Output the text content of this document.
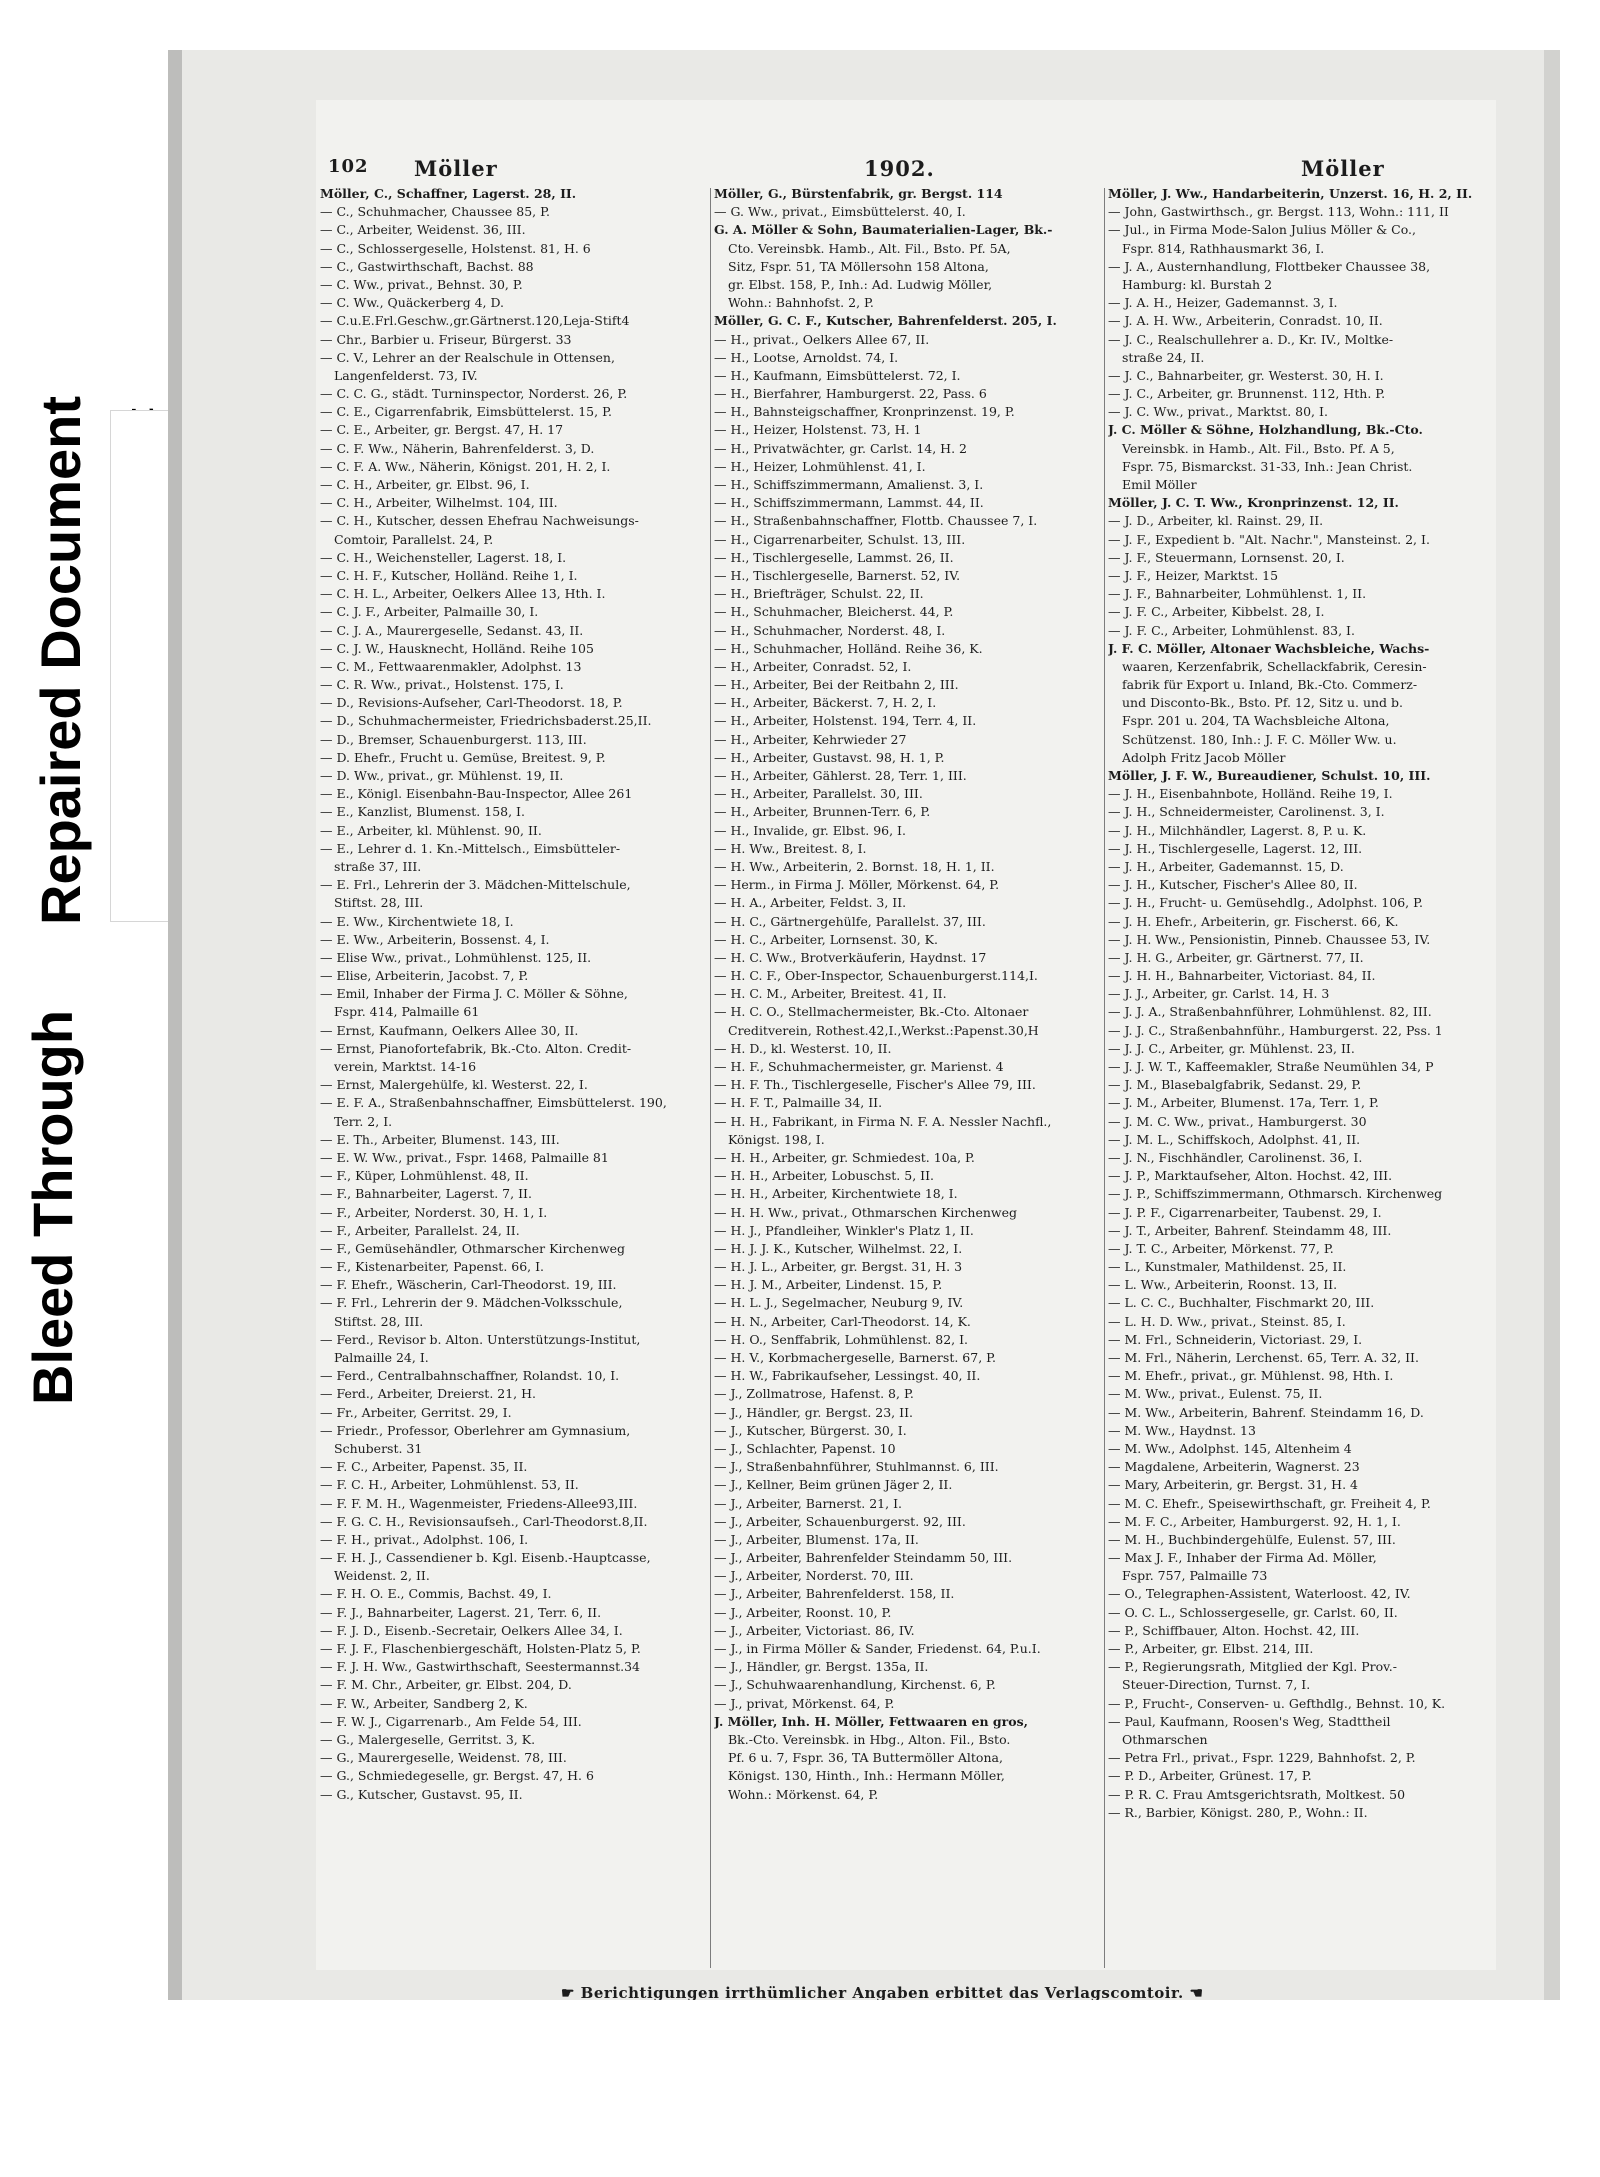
Bleed Through
Repaired Document
102 Möller	1902.	Möller
Möller, C., Schaffner, Lagerst. 28, II.
— C., Schuhmacher, Chaussee 85, P.
— C., Arbeiter, Weidenst. 36, III.
— C., Schlossergeselle, Holstenst. 81, H. 6
— C., Gastwirthschaft, Bachst. 88
— C. Ww., privat., Behnst. 30, P.
— C. Ww., Quäckerberg 4, D.
— C.u.E.Frl.Geschw.,gr.Gärtnerst.120,Leja-Stift4
— Chr., Barbier u. Friseur, Bürgerst. 33
— C. V., Lehrer an der Realschule in Ottensen,
Langenfelderst. 73, IV.
— C. C. G., städt. Turninspector, Norderst. 26, P.
— C. E., Cigarrenfabrik, Eimsbüttelerst. 15, P.
— C. E., Arbeiter, gr. Bergst. 47, H. 17
— C. F. Ww., Näherin, Bahrenfelderst. 3, D.
— C. F. A. Ww., Näherin, Königst. 201, H. 2, I.
— C. H., Arbeiter, gr. Elbst. 96, I.
— C. H., Arbeiter, Wilhelmst. 104, III.
— C. H., Kutscher, dessen Ehefrau Nachweisungs-
Comtoir, Parallelst. 24, P.
— C. H., Weichensteller, Lagerst. 18, I.
— C. H. F., Kutscher, Holländ. Reihe 1, I.
— C. H. L., Arbeiter, Oelkers Allee 13, Hth. I.
— C. J. F., Arbeiter, Palmaille 30, I.
— C. J. A., Maurergeselle, Sedanst. 43, II.
— C. J. W., Hausknecht, Holländ. Reihe 105
— C. M., Fettwaarenmakler, Adolphst. 13
— C. R. Ww., privat., Holstenst. 175, I.
— D., Revisions-Aufseher, Carl-Theodorst. 18, P.
— D., Schuhmachermeister, Friedrichsbaderst.25,II.
— D., Bremser, Schauenburgerst. 113, III.
— D. Ehefr., Frucht u. Gemüse, Breitest. 9, P.
— D. Ww., privat., gr. Mühlenst. 19, II.
— E., Königl. Eisenbahn-Bau-Inspector, Allee 261
— E., Kanzlist, Blumenst. 158, I.
— E., Arbeiter, kl. Mühlenst. 90, II.
— E., Lehrer d. 1. Kn.-Mittelsch., Eimsbütteler-
straße 37, III.
— E. Frl., Lehrerin der 3. Mädchen-Mittelschule,
Stiftst. 28, III.
— E. Ww., Kirchentwiete 18, I.
— E. Ww., Arbeiterin, Bossenst. 4, I.
— Elise Ww., privat., Lohmühlenst. 125, II.
— Elise, Arbeiterin, Jacobst. 7, P.
— Emil, Inhaber der Firma J. C. Möller & Söhne,
Fspr. 414, Palmaille 61
— Ernst, Kaufmann, Oelkers Allee 30, II.
— Ernst, Pianofortefabrik, Bk.-Cto. Alton. Credit-
verein, Marktst. 14-16
— Ernst, Malergehülfe, kl. Westerst. 22, I.
— E. F. A., Straßenbahnschaffner, Eimsbüttelerst. 190,
Terr. 2, I.
— E. Th., Arbeiter, Blumenst. 143, III.
— E. W. Ww., privat., Fspr. 1468, Palmaille 81
— F., Küper, Lohmühlenst. 48, II.
— F., Bahnarbeiter, Lagerst. 7, II.
— F., Arbeiter, Norderst. 30, H. 1, I.
— F., Arbeiter, Parallelst. 24, II.
— F., Gemüsehändler, Othmarscher Kirchenweg
— F., Kistenarbeiter, Papenst. 66, I.
— F. Ehefr., Wäscherin, Carl-Theodorst. 19, III.
— F. Frl., Lehrerin der 9. Mädchen-Volksschule,
Stiftst. 28, III.
— Ferd., Revisor b. Alton. Unterstützungs-Institut,
Palmaille 24, I.
— Ferd., Centralbahnschaffner, Rolandst. 10, I.
— Ferd., Arbeiter, Dreierst. 21, H.
— Fr., Arbeiter, Gerritst. 29, I.
— Friedr., Professor, Oberlehrer am Gymnasium,
Schuberst. 31
— F. C., Arbeiter, Papenst. 35, II.
— F. C. H., Arbeiter, Lohmühlenst. 53, II.
— F. F. M. H., Wagenmeister, Friedens-Allee93,III.
— F. G. C. H., Revisionsaufseh., Carl-Theodorst.8,II.
— F. H., privat., Adolphst. 106, I.
— F. H. J., Cassendiener b. Kgl. Eisenb.-Hauptcasse,
Weidenst. 2, II.
— F. H. O. E., Commis, Bachst. 49, I.
— F. J., Bahnarbeiter, Lagerst. 21, Terr. 6, II.
— F. J. D., Eisenb.-Secretair, Oelkers Allee 34, I.
— F. J. F., Flaschenbiergeschäft, Holsten-Platz 5, P.
— F. J. H. Ww., Gastwirthschaft, Seestermannst.34
— F. M. Chr., Arbeiter, gr. Elbst. 204, D.
— F. W., Arbeiter, Sandberg 2, K.
— F. W. J., Cigarrenarb., Am Felde 54, III.
— G., Malergeselle, Gerritst. 3, K.
— G., Maurergeselle, Weidenst. 78, III.
— G., Schmiedegeselle, gr. Bergst. 47, H. 6
— G., Kutscher, Gustavst. 95, II.
Möller, G., Bürstenfabrik, gr. Bergst. 114
— G. Ww., privat., Eimsbüttelerst. 40, I.
G. A. Möller & Sohn, Baumaterialien-Lager, Bk.-
Cto. Vereinsbk. Hamb., Alt. Fil., Bsto. Pf. 5A,
Sitz, Fspr. 51, TA Möllersohn 158 Altona,
gr. Elbst. 158, P., Inh.: Ad. Ludwig Möller,
Wohn.: Bahnhofst. 2, P.
Möller, G. C. F., Kutscher, Bahrenfelderst. 205, I.
— H., privat., Oelkers Allee 67, II.
— H., Lootse, Arnoldst. 74, I.
— H., Kaufmann, Eimsbüttelerst. 72, I.
— H., Bierfahrer, Hamburgerst. 22, Pass. 6
— H., Bahnsteigschaffner, Kronprinzenst. 19, P.
— H., Heizer, Holstenst. 73, H. 1
— H., Privatwächter, gr. Carlst. 14, H. 2
— H., Heizer, Lohmühlenst. 41, I.
— H., Schiffszimmermann, Amalienst. 3, I.
— H., Schiffszimmermann, Lammst. 44, II.
— H., Straßenbahnschaffner, Flottb. Chaussee 7, I.
— H., Cigarrenarbeiter, Schulst. 13, III.
— H., Tischlergeselle, Lammst. 26, II.
— H., Tischlergeselle, Barnerst. 52, IV.
— H., Briefträger, Schulst. 22, II.
— H., Schuhmacher, Bleicherst. 44, P.
— H., Schuhmacher, Norderst. 48, I.
— H., Schuhmacher, Holländ. Reihe 36, K.
— H., Arbeiter, Conradst. 52, I.
— H., Arbeiter, Bei der Reitbahn 2, III.
— H., Arbeiter, Bäckerst. 7, H. 2, I.
— H., Arbeiter, Holstenst. 194, Terr. 4, II.
— H., Arbeiter, Kehrwieder 27
— H., Arbeiter, Gustavst. 98, H. 1, P.
— H., Arbeiter, Gählerst. 28, Terr. 1, III.
— H., Arbeiter, Parallelst. 30, III.
— H., Arbeiter, Brunnen-Terr. 6, P.
— H., Invalide, gr. Elbst. 96, I.
— H. Ww., Breitest. 8, I.
— H. Ww., Arbeiterin, 2. Bornst. 18, H. 1, II.
— Herm., in Firma J. Möller, Mörkenst. 64, P.
— H. A., Arbeiter, Feldst. 3, II.
— H. C., Gärtnergehülfe, Parallelst. 37, III.
— H. C., Arbeiter, Lornsenst. 30, K.
— H. C. Ww., Brotverkäuferin, Haydnst. 17
— H. C. F., Ober-Inspector, Schauenburgerst.114,I.
— H. C. M., Arbeiter, Breitest. 41, II.
— H. C. O., Stellmachermeister, Bk.-Cto. Altonaer
Creditverein, Rothest.42,I.,Werkst.:Papenst.30,H
— H. D., kl. Westerst. 10, II.
— H. F., Schuhmachermeister, gr. Marienst. 4
— H. F. Th., Tischlergeselle, Fischer's Allee 79, III.
— H. F. T., Palmaille 34, II.
— H. H., Fabrikant, in Firma N. F. A. Nessler Nachfl.,
Königst. 198, I.
— H. H., Arbeiter, gr. Schmiedest. 10a, P.
— H. H., Arbeiter, Lobuschst. 5, II.
— H. H., Arbeiter, Kirchentwiete 18, I.
— H. H. Ww., privat., Othmarschen Kirchenweg
— H. J., Pfandleiher, Winkler's Platz 1, II.
— H. J. J. K., Kutscher, Wilhelmst. 22, I.
— H. J. L., Arbeiter, gr. Bergst. 31, H. 3
— H. J. M., Arbeiter, Lindenst. 15, P.
— H. L. J., Segelmacher, Neuburg 9, IV.
— H. N., Arbeiter, Carl-Theodorst. 14, K.
— H. O., Senffabrik, Lohmühlenst. 82, I.
— H. V., Korbmachergeselle, Barnerst. 67, P.
— H. W., Fabrikaufseher, Lessingst. 40, II.
— J., Zollmatrose, Hafenst. 8, P.
— J., Händler, gr. Bergst. 23, II.
— J., Kutscher, Bürgerst. 30, I.
— J., Schlachter, Papenst. 10
— J., Straßenbahnführer, Stuhlmannst. 6, III.
— J., Kellner, Beim grünen Jäger 2, II.
— J., Arbeiter, Barnerst. 21, I.
— J., Arbeiter, Schauenburgerst. 92, III.
— J., Arbeiter, Blumenst. 17a, II.
— J., Arbeiter, Bahrenfelder Steindamm 50, III.
— J., Arbeiter, Norderst. 70, III.
— J., Arbeiter, Bahrenfelderst. 158, II.
— J., Arbeiter, Roonst. 10, P.
— J., Arbeiter, Victoriast. 86, IV.
— J., in Firma Möller & Sander, Friedenst. 64, P.u.I.
— J., Händler, gr. Bergst. 135a, II.
— J., Schuhwaarenhandlung, Kirchenst. 6, P.
— J., privat, Mörkenst. 64, P.
J. Möller, Inh. H. Möller, Fettwaaren en gros,
Bk.-Cto. Vereinsbk. in Hbg., Alton. Fil., Bsto.
Pf. 6 u. 7, Fspr. 36, TA Buttermöller Altona,
Königst. 130, Hinth., Inh.: Hermann Möller,
Wohn.: Mörkenst. 64, P.
Möller, J. Ww., Handarbeiterin, Unzerst. 16, H. 2, II.
— John, Gastwirthsch., gr. Bergst. 113, Wohn.: 111, II
— Jul., in Firma Mode-Salon Julius Möller & Co.,
Fspr. 814, Rathhausmarkt 36, I.
— J. A., Austernhandlung, Flottbeker Chaussee 38,
Hamburg: kl. Burstah 2
— J. A. H., Heizer, Gademannst. 3, I.
— J. A. H. Ww., Arbeiterin, Conradst. 10, II.
— J. C., Realschullehrer a. D., Kr. IV., Moltke-
straße 24, II.
— J. C., Bahnarbeiter, gr. Westerst. 30, H. I.
— J. C., Arbeiter, gr. Brunnenst. 112, Hth. P.
— J. C. Ww., privat., Marktst. 80, I.
J. C. Möller & Söhne, Holzhandlung, Bk.-Cto.
Vereinsbk. in Hamb., Alt. Fil., Bsto. Pf. A 5,
Fspr. 75, Bismarckst. 31-33, Inh.: Jean Christ.
Emil Möller
Möller, J. C. T. Ww., Kronprinzenst. 12, II.
— J. D., Arbeiter, kl. Rainst. 29, II.
— J. F., Expedient b. "Alt. Nachr.", Mansteinst. 2, I.
— J. F., Steuermann, Lornsenst. 20, I.
— J. F., Heizer, Marktst. 15
— J. F., Bahnarbeiter, Lohmühlenst. 1, II.
— J. F. C., Arbeiter, Kibbelst. 28, I.
— J. F. C., Arbeiter, Lohmühlenst. 83, I.
J. F. C. Möller, Altonaer Wachsbleiche, Wachs-
waaren, Kerzenfabrik, Schellackfabrik, Ceresin-
fabrik für Export u. Inland, Bk.-Cto. Commerz-
und Disconto-Bk., Bsto. Pf. 12, Sitz u. und b.
Fspr. 201 u. 204, TA Wachsbleiche Altona,
Schützenst. 180, Inh.: J. F. C. Möller Ww. u.
Adolph Fritz Jacob Möller
Möller, J. F. W., Bureaudiener, Schulst. 10, III.
— J. H., Eisenbahnbote, Holländ. Reihe 19, I.
— J. H., Schneidermeister, Carolinenst. 3, I.
— J. H., Milchhändler, Lagerst. 8, P. u. K.
— J. H., Tischlergeselle, Lagerst. 12, III.
— J. H., Arbeiter, Gademannst. 15, D.
— J. H., Kutscher, Fischer's Allee 80, II.
— J. H., Frucht- u. Gemüsehdlg., Adolphst. 106, P.
— J. H. Ehefr., Arbeiterin, gr. Fischerst. 66, K.
— J. H. Ww., Pensionistin, Pinneb. Chaussee 53, IV.
— J. H. G., Arbeiter, gr. Gärtnerst. 77, II.
— J. H. H., Bahnarbeiter, Victoriast. 84, II.
— J. J., Arbeiter, gr. Carlst. 14, H. 3
— J. J. A., Straßenbahnführer, Lohmühlenst. 82, III.
— J. J. C., Straßenbahnführ., Hamburgerst. 22, Pss. 1
— J. J. C., Arbeiter, gr. Mühlenst. 23, II.
— J. J. W. T., Kaffeemakler, Straße Neumühlen 34, P
— J. M., Blasebalgfabrik, Sedanst. 29, P.
— J. M., Arbeiter, Blumenst. 17a, Terr. 1, P.
— J. M. C. Ww., privat., Hamburgerst. 30
— J. M. L., Schiffskoch, Adolphst. 41, II.
— J. N., Fischhändler, Carolinenst. 36, I.
— J. P., Marktaufseher, Alton. Hochst. 42, III.
— J. P., Schiffszimmermann, Othmarsch. Kirchenweg
— J. P. F., Cigarrenarbeiter, Taubenst. 29, I.
— J. T., Arbeiter, Bahrenf. Steindamm 48, III.
— J. T. C., Arbeiter, Mörkenst. 77, P.
— L., Kunstmaler, Mathildenst. 25, II.
— L. Ww., Arbeiterin, Roonst. 13, II.
— L. C. C., Buchhalter, Fischmarkt 20, III.
— L. H. D. Ww., privat., Steinst. 85, I.
— M. Frl., Schneiderin, Victoriast. 29, I.
— M. Frl., Näherin, Lerchenst. 65, Terr. A. 32, II.
— M. Ehefr., privat., gr. Mühlenst. 98, Hth. I.
— M. Ww., privat., Eulenst. 75, II.
— M. Ww., Arbeiterin, Bahrenf. Steindamm 16, D.
— M. Ww., Haydnst. 13
— M. Ww., Adolphst. 145, Altenheim 4
— Magdalene, Arbeiterin, Wagnerst. 23
— Mary, Arbeiterin, gr. Bergst. 31, H. 4
— M. C. Ehefr., Speisewirthschaft, gr. Freiheit 4, P.
— M. F. C., Arbeiter, Hamburgerst. 92, H. 1, I.
— M. H., Buchbindergehülfe, Eulenst. 57, III.
— Max J. F., Inhaber der Firma Ad. Möller,
Fspr. 757, Palmaille 73
— O., Telegraphen-Assistent, Waterloost. 42, IV.
— O. C. L., Schlossergeselle, gr. Carlst. 60, II.
— P., Schiffbauer, Alton. Hochst. 42, III.
— P., Arbeiter, gr. Elbst. 214, III.
— P., Regierungsrath, Mitglied der Kgl. Prov.-
Steuer-Direction, Turnst. 7, I.
— P., Frucht-, Conserven- u. Gefthdlg., Behnst. 10, K.
— Paul, Kaufmann, Roosen's Weg, Stadttheil
Othmarschen
— Petra Frl., privat., Fspr. 1229, Bahnhofst. 2, P.
— P. D., Arbeiter, Grünest. 17, P.
— P. R. C. Frau Amtsgerichtsrath, Moltkest. 50
— R., Barbier, Königst. 280, P., Wohn.: II.
☛ Berichtigungen irrthümlicher Angaben erbittet das Verlagscomtoir. ☚
